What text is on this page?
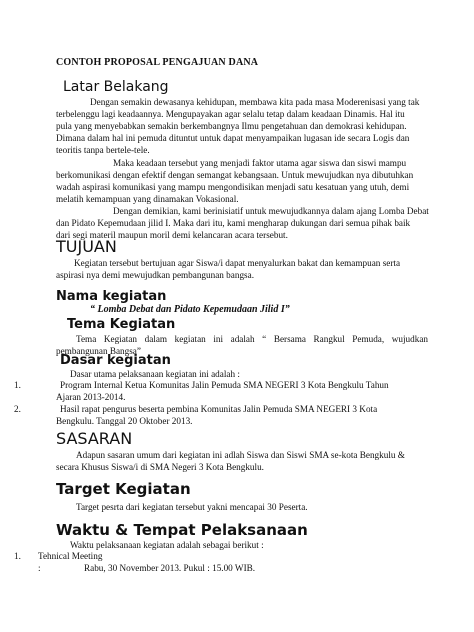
CONTOH PROPOSAL PENGAJUAN DANA
Latar Belakang
Dengan semakin dewasanya kehidupan, membawa kita pada masa Moderenisasi yang tak
terbelenggu lagi keadaannya. Mengupayakan agar selalu tetap dalam keadaan Dinamis. Hal itu
pula yang menyebabkan semakin berkembangnya Ilmu pengetahuan dan demokrasi kehidupan.
Dimana dalam hal ini pemuda dituntut untuk dapat menyampaikan lugasan ide secara Logis dan
teoritis tanpa bertele-tele.
Maka keadaan tersebut yang menjadi faktor utama agar siswa dan siswi mampu
berkomunikasi dengan efektif dengan semangat kebangsaan. Untuk mewujudkan nya dibutuhkan
wadah aspirasi komunikasi yang mampu mengondisikan menjadi satu kesatuan yang utuh, demi
melatih kemampuan yang dinamakan Vokasional.
Dengan demikian, kami berinisiatif untuk mewujudkannya dalam ajang Lomba Debat
dan Pidato Kepemudaan jilid I. Maka dari itu, kami mengharap dukungan dari semua pihak baik
dari segi materil maupun moril demi kelancaran acara tersebut.
TUJUAN
Kegiatan tersebut bertujuan agar Siswa/i dapat menyalurkan bakat dan kemampuan serta
aspirasi nya demi mewujudkan pembangunan bangsa.
Nama kegiatan
“ Lomba Debat dan Pidato Kepemudaan Jilid I”
Tema Kegiatan
Tema Kegiatan dalam kegiatan ini adalah “ Bersama Rangkul Pemuda, wujudkan
pembangunan Bangsa”
Dasar kegiatan
Dasar utama pelaksanaan kegiatan ini adalah :
1.	Program Internal Ketua Komunitas Jalin Pemuda SMA NEGERI 3 Kota Bengkulu Tahun
Ajaran 2013-2014.
2.	Hasil rapat pengurus beserta pembina Komunitas Jalin Pemuda SMA NEGERI 3 Kota
Bengkulu. Tanggal 20 Oktober 2013.
SASARAN
Adapun sasaran umum dari kegiatan ini adlah Siswa dan Siswi SMA se-kota Bengkulu &
secara Khusus Siswa/i di SMA Negeri 3 Kota Bengkulu.
Target Kegiatan
Target pesrta dari kegiatan tersebut yakni mencapai 30 Peserta.
Waktu & Tempat Pelaksanaan
Waktu pelaksanaan kegiatan adalah sebagai berikut :
1. Tehnical Meeting
:	Rabu, 30 November 2013. Pukul : 15.00 WIB.
